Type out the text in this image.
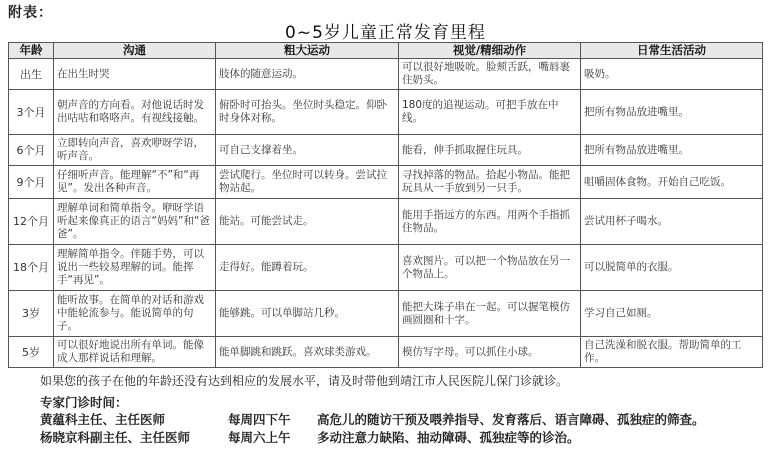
附表：
0~5岁儿童正常发育里程
年龄	沟通	粗大运动	视觉/精细动作	日常生活活动
出生	在出生时哭	肢体的随意运动。	可以很好地吸吮。脸颊舌跃，嘴唇裹住奶头。	吸奶。
3个月	朝声音的方向看。对他说话时发出咕咕和咯咯声。有视线接触。	俯卧时可抬头。坐位时头稳定。仰卧时身体对称。	180度的追视运动。可把手放在中线。	把所有物品放进嘴里。
6个月	立即转向声音，喜欢咿呀学语，听声音。	可自己支撑着坐。	能看，伸手抓取握住玩具。	把所有物品放进嘴里。
9个月	仔细听声音。能理解“不”和“再见”。发出各种声音。	尝试爬行。坐位时可以转身。尝试拉物站起。	寻找掉落的物品。拾起小物品。能把玩具从一手放到另一只手。	咀嚼固体食物。开始自己吃饭。
12个月	理解单词和简单指令。咿呀学语听起来像真正的语言“妈妈”和“爸爸”。	能站。可能尝试走。	能用手指远方的东西。用两个手指抓住物品。	尝试用杯子喝水。
18个月	理解简单指令。伴随手势，可以说出一些较易理解的词。能挥手“再见”。	走得好。能蹲着玩。	喜欢图片。可以把一个物品放在另一个物品上。	可以脱简单的衣服。
3岁	能听故事。在简单的对话和游戏中能轮流参与。能说简单的句子。	能够跳。可以单脚站几秒。	能把大珠子串在一起。可以握笔模仿画圆圈和十字。	学习自己如厕。
5岁	可以很好地说出所有单词。能像成人那样说话和理解。	能单脚跳和跳跃。喜欢球类游戏。	模仿写字母。可以抓住小球。	自己洗澡和脱衣服。帮助简单的工作。
如果您的孩子在他的年龄还没有达到相应的发展水平，请及时带他到靖江市人民医院儿保门诊就诊。
专家门诊时间：
黄蕴科主任、主任医师	每周四下午 高危儿的随访干预及喂养指导、发育落后、语言障碍、孤独症的筛查。
杨晓京科副主任、主任医师	每周六上午 多动注意力缺陷、抽动障碍、孤独症等的诊治。
